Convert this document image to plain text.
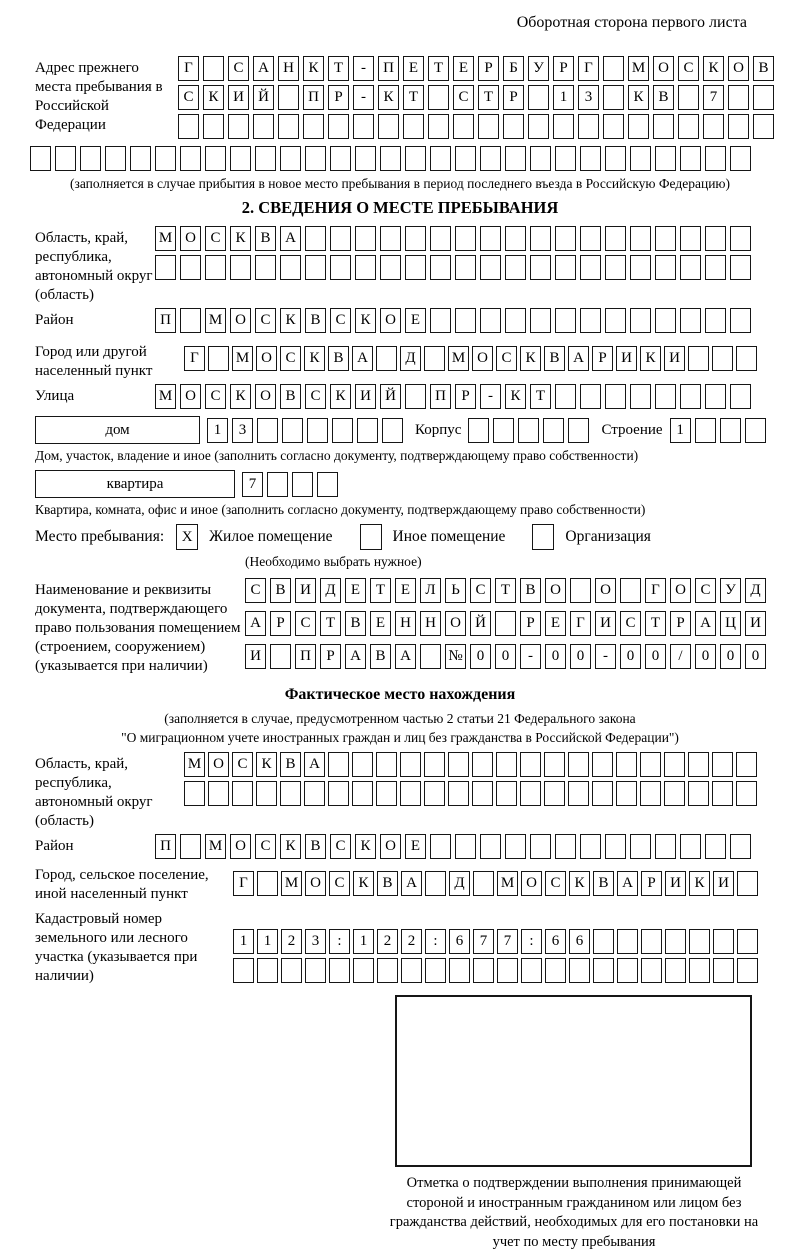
Оборотная сторона первого листа
Адрес прежнего места пребывания в Российской Федерации
Г	С А Н К	Т	-	П Е	Т	Е	Р	Б	У	Р	Г	М О С К О В
С К И Й	П	Р	-	К	Т	С	Т	Р	1	3	К В	7
(заполняется в случае прибытия в новое место пребывания в период последнего въезда в Российскую Федерацию)
2. СВЕДЕНИЯ О МЕСТЕ ПРЕБЫВАНИЯ
Область, край, республика, автономный округ (область)
М О С К В А
Район	П	М О С К В С К О Е
Город или другой населенный пункт
Г	М О С К В А	Д	М О С К В А Р И К И
Улица	М О С К О В С К И Й	П	Р	-	К	Т
дом	1	3	Корпус	Строение 1
Дом, участок, владение и иное (заполнить согласно документу, подтверждающему право собственности)
квартира	7
Квартира, комната, офис и иное (заполнить согласно документу, подтверждающему право собственности)
Место пребывания:	X	Жилое помещение	Иное помещение	Организация
(Необходимо выбрать нужное)
Наименование и реквизиты документа, подтверждающего право пользования помещением (строением, сооружением) (указывается при наличии)
С В И Д	Е	Т	Е	Л	Ь	С	Т	В О	О	Г	О С У Д
А	Р	С	Т	В	Е	Н Н О Й	Р	Е	Г	И С	Т	Р	А Ц И
И	П	Р	А В А	№ 0	0	-	0	0	-	0	0	/	0	0	0
Фактическое место нахождения
(заполняется в случае, предусмотренном частью 2 статьи 21 Федерального закона
"О миграционном учете иностранных граждан и лиц без гражданства в Российской Федерации")
Область, край, республика, автономный округ (область)
М О С К В А
Район	П	М О С К В С К О Е
Город, сельское поселение, иной населенный пункт
Г	М О С К В А	Д	М О С К В А Р И К И
Кадастровый номер земельного или лесного участка (указывается при наличии)
1	1	2	3	:	1	2	2	:	6	7	7	:	6	6
Отметка о подтверждении выполнения принимающей стороной и иностранным гражданином или лицом без гражданства действий, необходимых для его постановки на учет по месту пребывания
